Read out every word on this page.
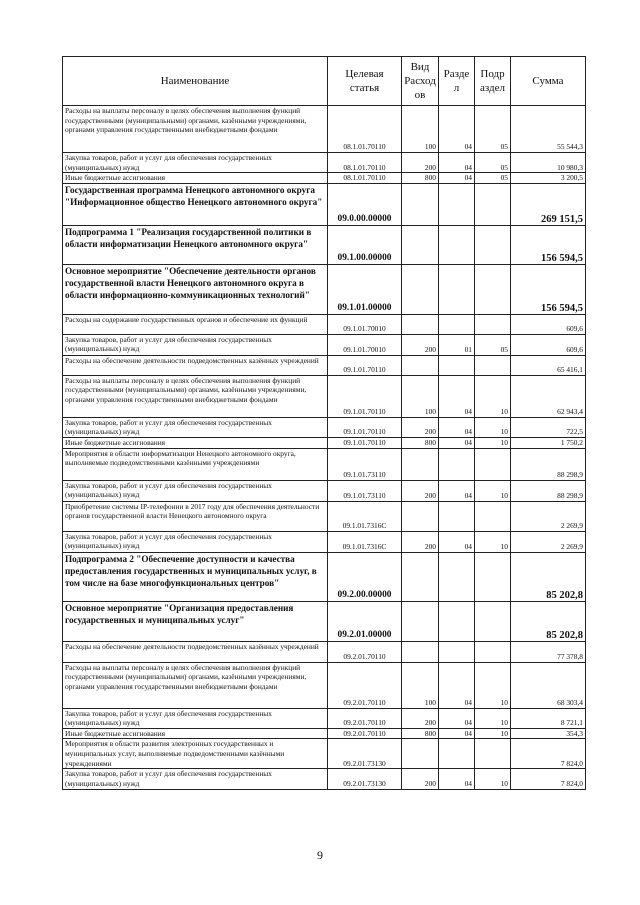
Наименование	Целевая статья	Вид Расход ов	Разде л	Подр аздел	Сумма
Расходы на выплаты персоналу в целях обеспечения выполнения функций государственными (муниципальными) органами, казёнными учреждениями, органами управления государственными внебюджетными фондами	08.1.01.70110	100	04	05	55 544,3
Закупка товаров, работ и услуг для обеспечения государственных (муниципальных) нужд	08.1.01.70110	200	04	05	10 980,3
Иные бюджетные ассигнования	08.1.01.70110	800	04	05	3 200,5
Государственная программа Ненецкого автономного округа "Информационное общество Ненецкого автономного округа"	09.0.00.00000				269 151,5
Подпрограмма 1 "Реализация государственной политики в области информатизации Ненецкого автономного округа"	09.1.00.00000				156 594,5
Основное мероприятие "Обеспечение деятельности органов государственной власти Ненецкого автономного округа в области информационно-коммуникационных технологий"	09.1.01.00000				156 594,5
Расходы на содержание государственных органов и обеспечение их функций	09.1.01.70010				609,6
Закупка товаров, работ и услуг для обеспечения государственных (муниципальных) нужд	09.1.01.70010	200	01	05	609,6
Расходы на обеспечение деятельности подведомственных казённых учреждений	09.1.01.70110				65 416,1
Расходы на выплаты персоналу в целях обеспечения выполнения функций государственными (муниципальными) органами, казёнными учреждениями, органами управления государственными внебюджетными фондами	09.1.01.70110	100	04	10	62 943,4
Закупка товаров, работ и услуг для обеспечения государственных (муниципальных) нужд	09.1.01.70110	200	04	10	722,5
Иные бюджетные ассигнования	09.1.01.70110	800	04	10	1 750,2
Мероприятия в области информатизации Ненецкого автономного округа, выполняемые подведомственными казёнными учреждениями	09.1.01.73110				88 298,9
Закупка товаров, работ и услуг для обеспечения государственных (муниципальных) нужд	09.1.01.73110	200	04	10	88 298,9
Приобретение системы IP-телефонии в 2017 году для обеспечения деятельности органов государственной власти Ненецкого автономного округа	09.1.01.7316С				2 269,9
Закупка товаров, работ и услуг для обеспечения государственных (муниципальных) нужд	09.1.01.7316С	200	04	10	2 269,9
Подпрограмма 2 "Обеспечение доступности и качества предоставления государственных и муниципальных услуг, в том числе на базе многофункциональных центров"	09.2.00.00000				85 202,8
Основное мероприятие "Организация предоставления государственных и муниципальных услуг"	09.2.01.00000				85 202,8
Расходы на обеспечение деятельности подведомственных казённых учреждений	09.2.01.70110				77 378,8
Расходы на выплаты персоналу в целях обеспечения выполнения функций государственными (муниципальными) органами, казёнными учреждениями, органами управления государственными внебюджетными фондами	09.2.01.70110	100	04	10	68 303,4
Закупка товаров, работ и услуг для обеспечения государственных (муниципальных) нужд	09.2.01.70110	200	04	10	8 721,1
Иные бюджетные ассигнования	09.2.01.70110	800	04	10	354,3
Мероприятия в области развития электронных государственных и муниципальных услуг, выполняемые подведомственными казёнными учреждениями	09.2.01.73130				7 824,0
Закупка товаров, работ и услуг для обеспечения государственных (муниципальных) нужд	09.2.01.73130	200	04	10	7 824,0
9
